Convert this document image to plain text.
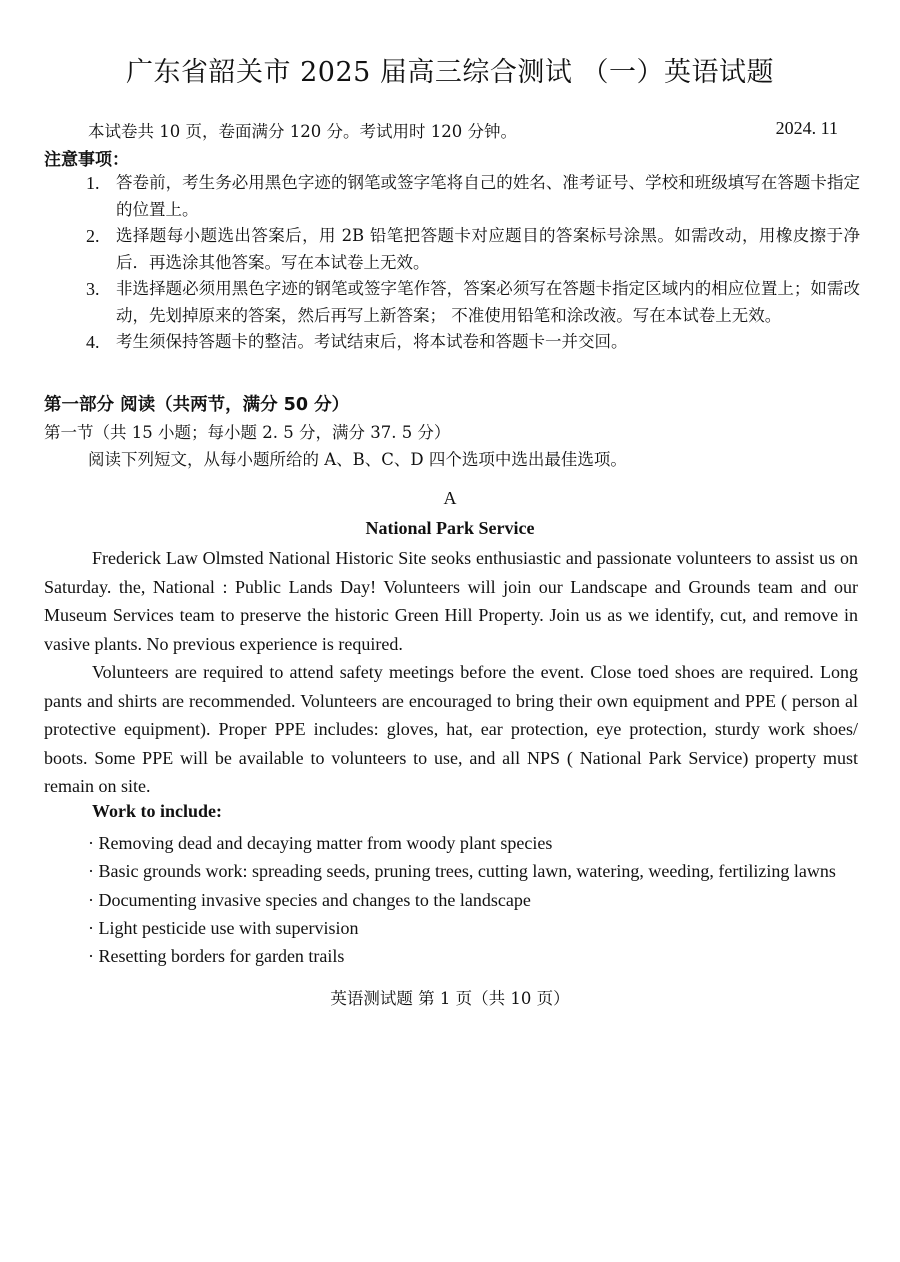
广东省韶关市 2025 届高三综合测试 （一）英语试题
本试卷共 10 页，卷面满分 120 分。考试用时 120 分钟。	2024. 11
注意事项：
1.	答卷前，考生务必用黑色字迹的钢笔或签字笔将自己的姓名、准考证号、学校和班级填写在答题卡指定的位置上。
2.	选择题每小题选出答案后，用 2B 铅笔把答题卡对应题目的答案标号涂黑。如需改动，用橡皮擦于净后．再选涂其他答案。写在本试卷上无效。
3.	非选择题必须用黑色字迹的钢笔或签字笔作答，答案必须写在答题卡指定区域内的相应位置上；如需改动，先划掉原来的答案，然后再写上新答案； 不准使用铅笔和涂改液。写在本试卷上无效。
4.	考生须保持答题卡的整洁。考试结束后，将本试卷和答题卡一并交回。
第一部分 阅读（共两节，满分 50 分）
第一节（共 15 小题；每小题 2. 5 分，满分 37. 5 分）
阅读下列短文，从每小题所给的 A、B、C、D 四个选项中选出最佳选项。
A
National Park Service

Frederick Law Olmsted National Historic Site seoks enthusiastic and passionate volunteers to assist us on Saturday. the, National : Public Lands Day! Volunteers will join our Landscape and Grounds team and our Museum Services team to preserve the historic Green Hill Property. Join us as we identify, cut, and remove in vasive plants. No previous experience is required.

Volunteers are required to attend safety meetings before the event. Close toed shoes are required. Long pants and shirts are recommended. Volunteers are encouraged to bring their own equipment and PPE ( person al protective equipment). Proper PPE includes: gloves, hat, ear protection, eye protection, sturdy work shoes/ boots. Some PPE will be available to volunteers to use, and all NPS ( National Park Service) property must remain on site.

Work to include:
· Removing dead and decaying matter from woody plant species
· Basic grounds work: spreading seeds, pruning trees, cutting lawn, watering, weeding, fertilizing lawns
· Documenting invasive species and changes to the landscape
· Light pesticide use with supervision
· Resetting borders for garden trails
英语测试题 第 1 页（共 10 页）
